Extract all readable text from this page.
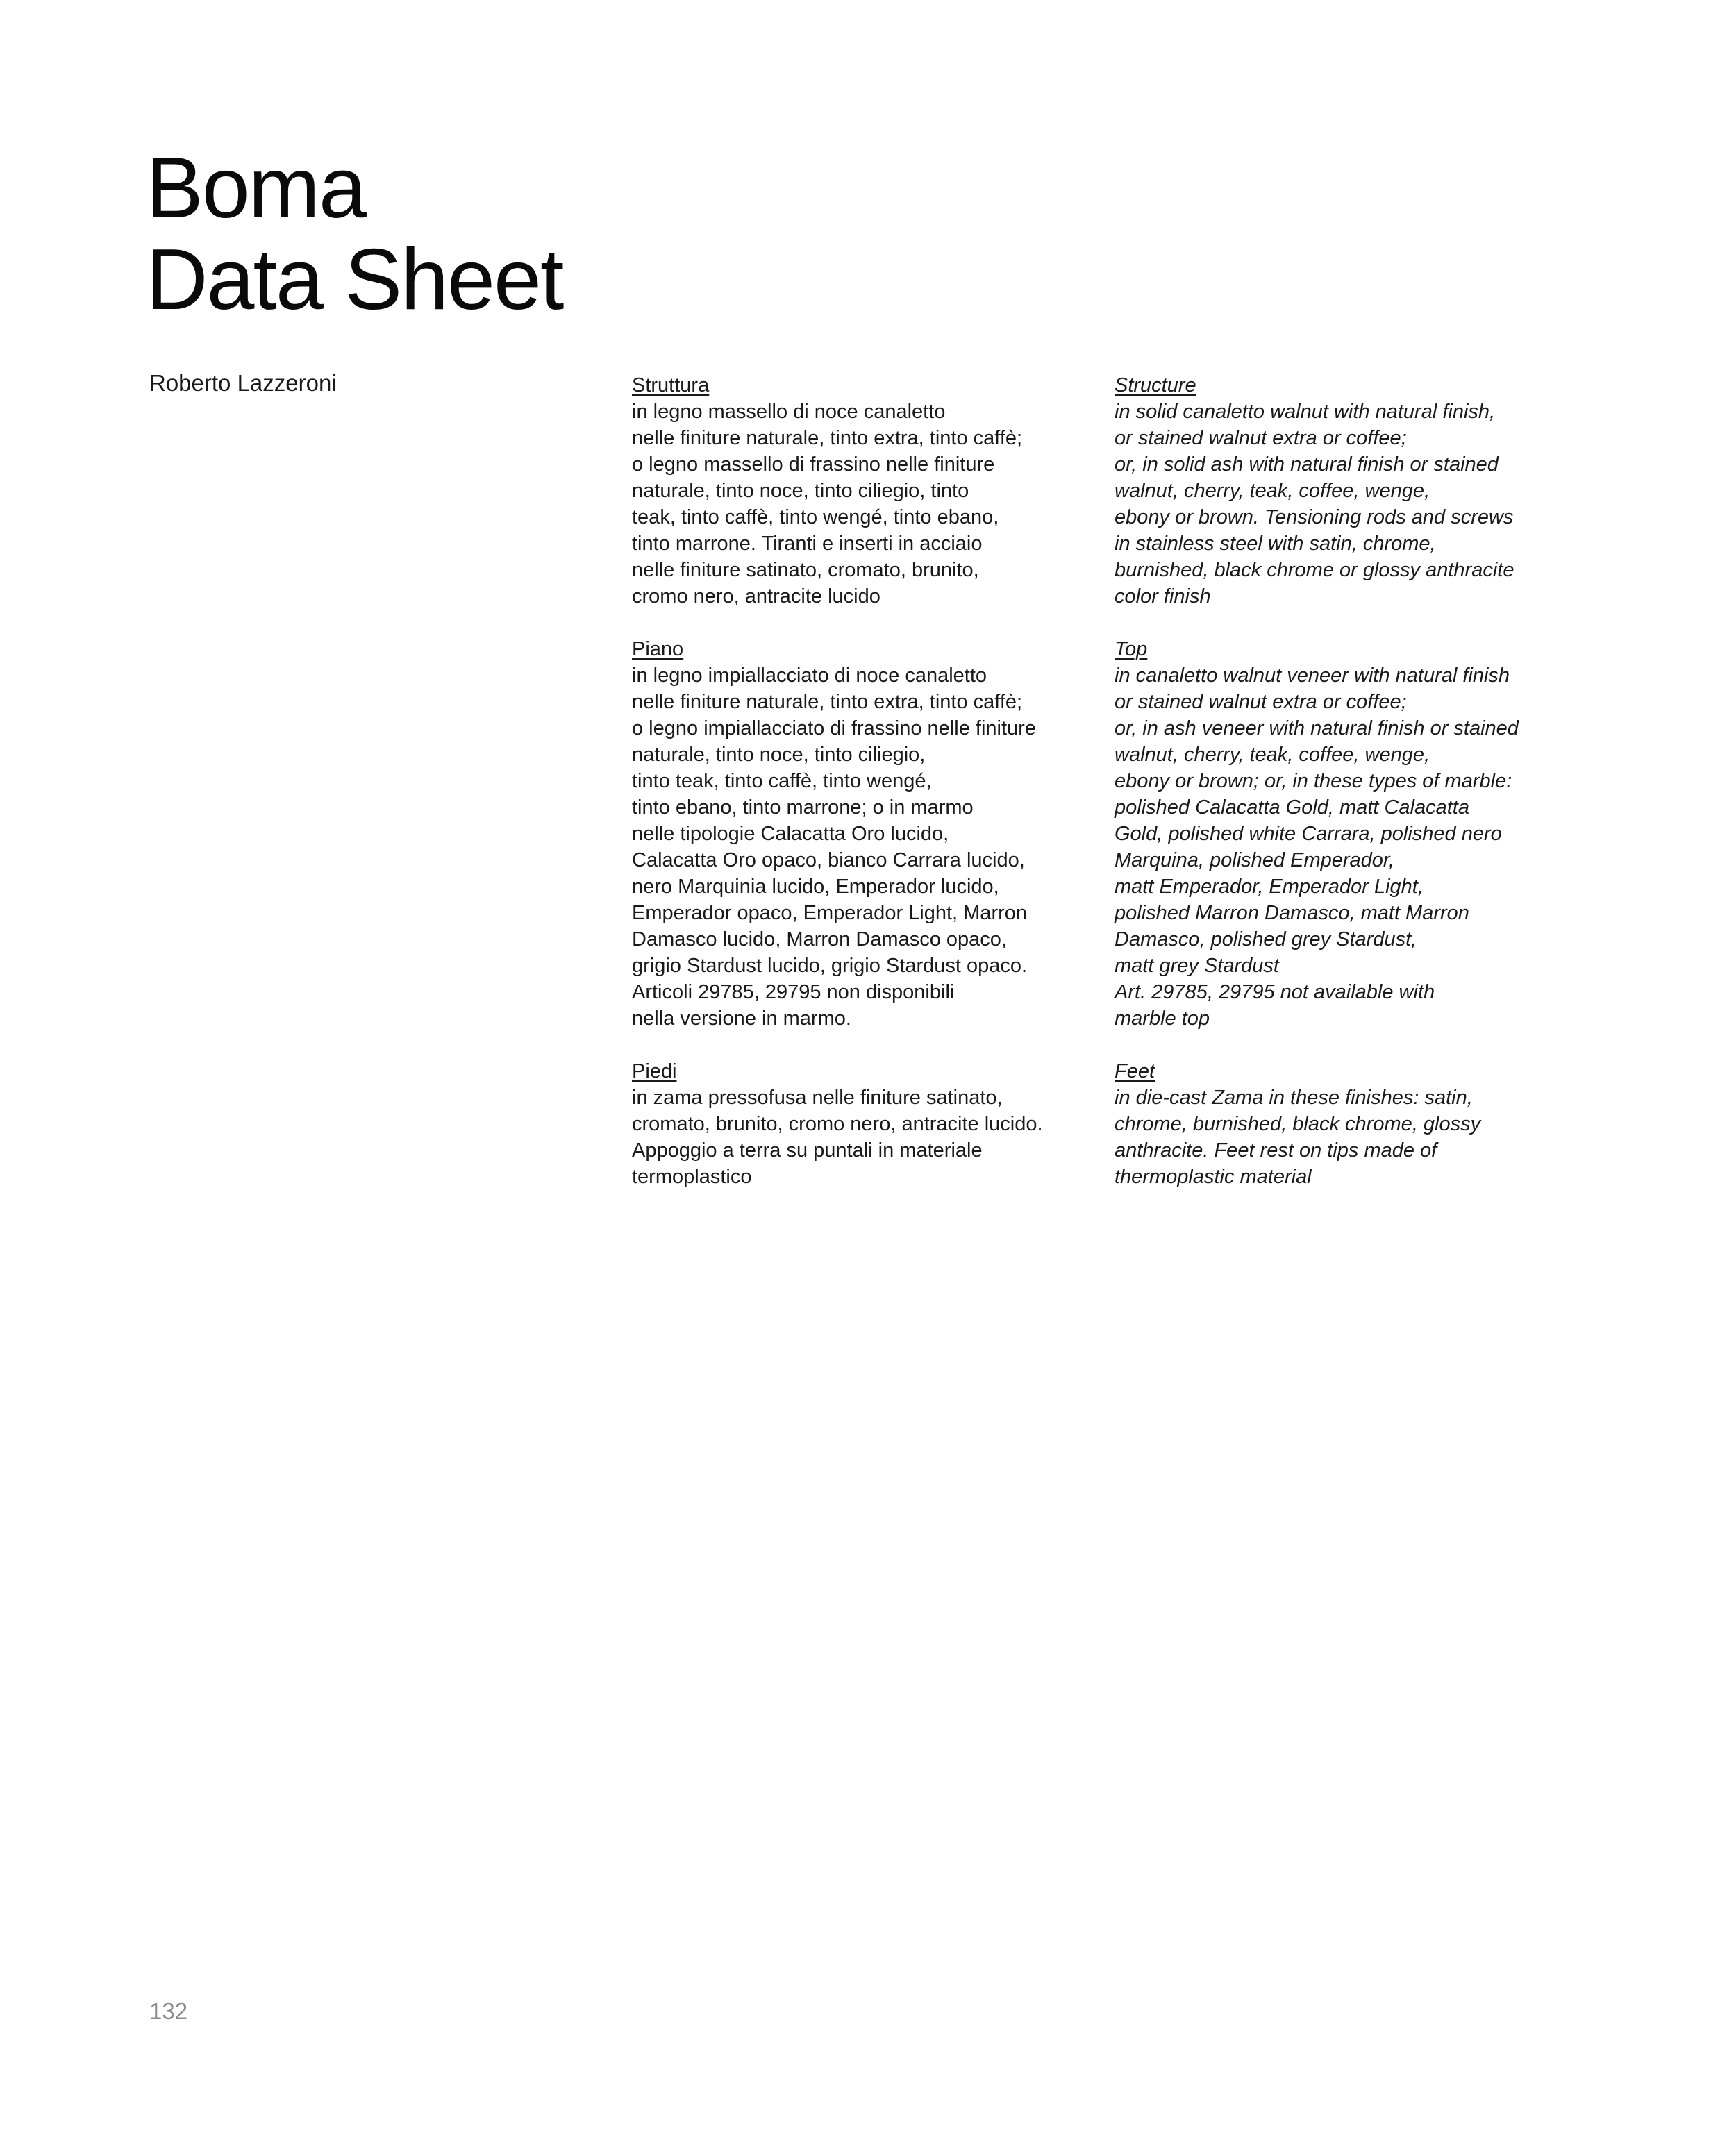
Boma
Data Sheet
Roberto Lazzeroni	Struttura
in legno massello di noce canaletto
nelle finiture naturale, tinto extra, tinto caffè;
o legno massello di frassino nelle finiture
naturale, tinto noce, tinto ciliegio, tinto
teak, tinto caffè, tinto wengé, tinto ebano,
tinto marrone. Tiranti e inserti in acciaio
nelle finiture satinato, cromato, brunito,
cromo nero, antracite lucido
Piano
in legno impiallacciato di noce canaletto
nelle finiture naturale, tinto extra, tinto caffè;
o legno impiallacciato di frassino nelle finiture
naturale, tinto noce, tinto ciliegio,
tinto teak, tinto caffè, tinto wengé,
tinto ebano, tinto marrone; o in marmo
nelle tipologie Calacatta Oro lucido,
Calacatta Oro opaco, bianco Carrara lucido,
nero Marquinia lucido, Emperador lucido,
Emperador opaco, Emperador Light, Marron
Damasco lucido, Marron Damasco opaco,
grigio Stardust lucido, grigio Stardust opaco.
Articoli 29785, 29795 non disponibili
nella versione in marmo.
Piedi
in zama pressofusa nelle finiture satinato,
cromato, brunito, cromo nero, antracite lucido.
Appoggio a terra su puntali in materiale
termoplastico
Structure
in solid canaletto walnut with natural finish,
or stained walnut extra or coffee;
or, in solid ash with natural finish or stained
walnut, cherry, teak, coffee, wenge,
ebony or brown. Tensioning rods and screws
in stainless steel with satin, chrome,
burnished, black chrome or glossy anthracite
color finish
Top
in canaletto walnut veneer with natural finish
or stained walnut extra or coffee;
or, in ash veneer with natural finish or stained
walnut, cherry, teak, coffee, wenge,
ebony or brown; or, in these types of marble:
polished Calacatta Gold, matt Calacatta
Gold, polished white Carrara, polished nero
Marquina, polished Emperador,
matt Emperador, Emperador Light,
polished Marron Damasco, matt Marron
Damasco, polished grey Stardust,
matt grey Stardust
Art. 29785, 29795 not available with
marble top
Feet
in die-cast Zama in these finishes: satin,
chrome, burnished, black chrome, glossy
anthracite. Feet rest on tips made of
thermoplastic material
132
